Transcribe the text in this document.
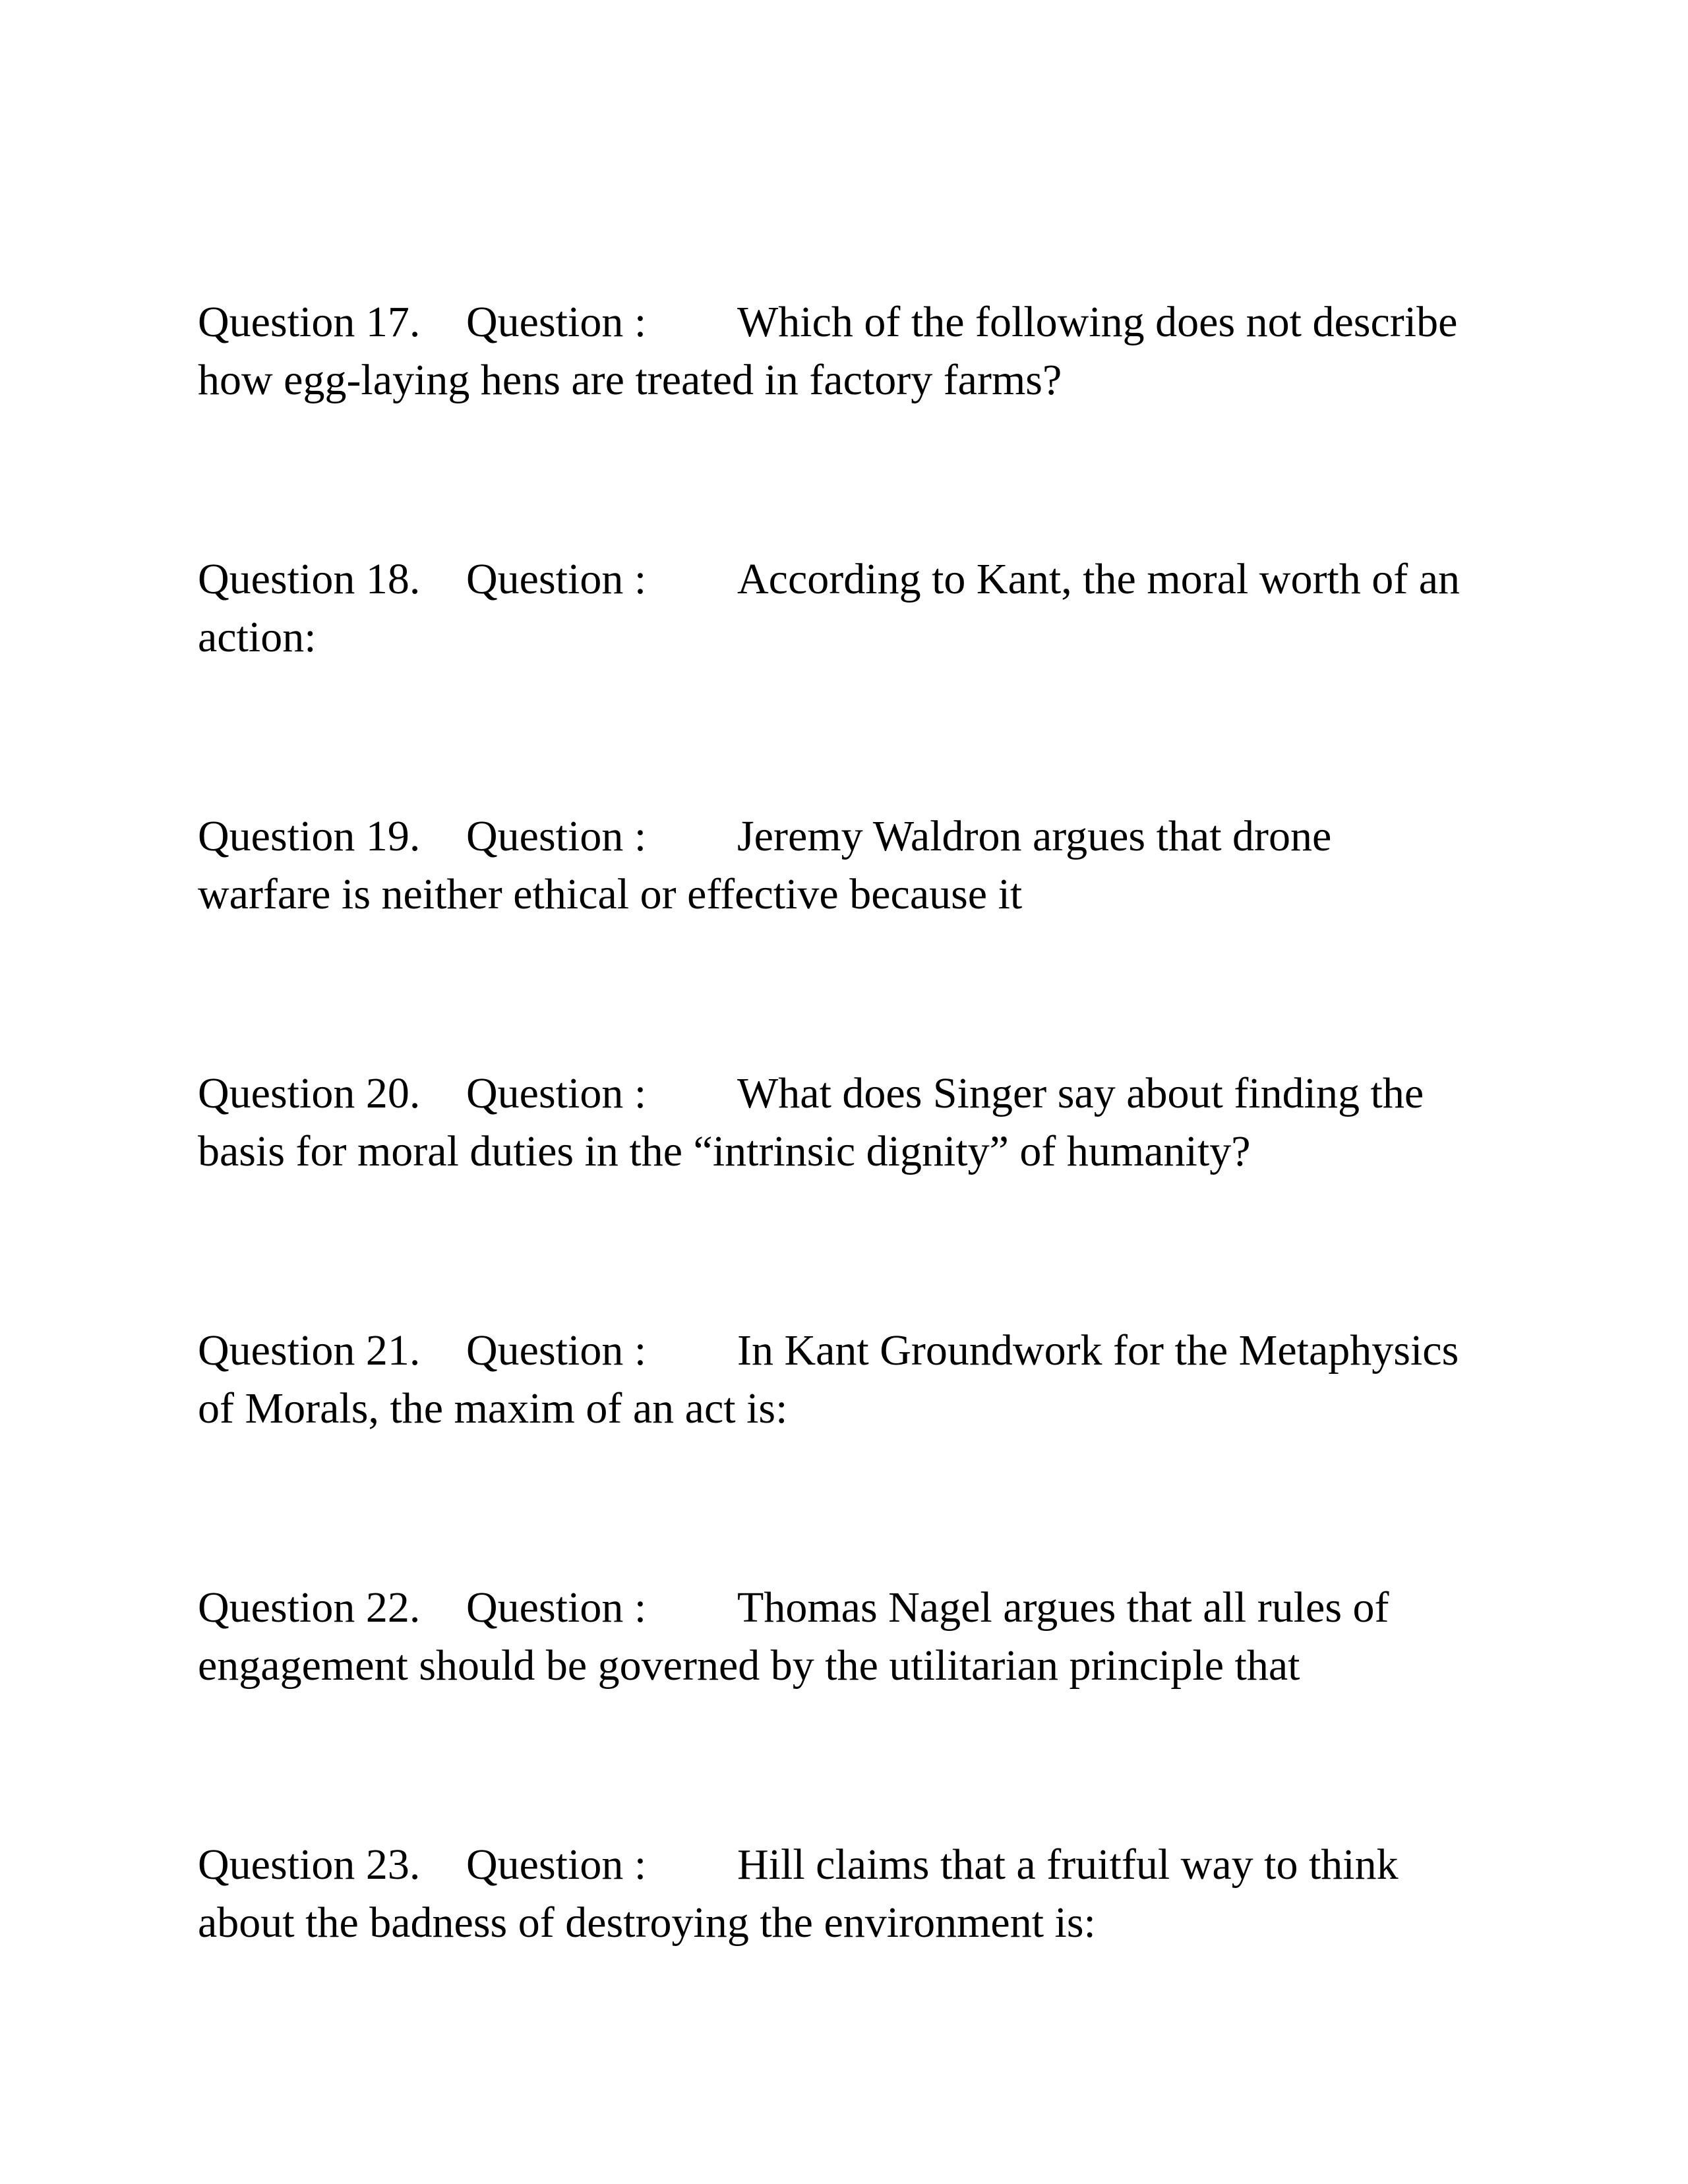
Question 17. Question : Which of the following does not describe
how egg-laying hens are treated in factory farms?
Question 18. Question : According to Kant, the moral worth of an
action:
Question 19. Question : Jeremy Waldron argues that drone
warfare is neither ethical or effective because it
Question 20. Question : What does Singer say about finding the
basis for moral duties in the “intrinsic dignity” of humanity?
Question 21. Question : In Kant Groundwork for the Metaphysics
of Morals, the maxim of an act is:
Question 22. Question : Thomas Nagel argues that all rules of
engagement should be governed by the utilitarian principle that
Question 23. Question : Hill claims that a fruitful way to think
about the badness of destroying the environment is:
